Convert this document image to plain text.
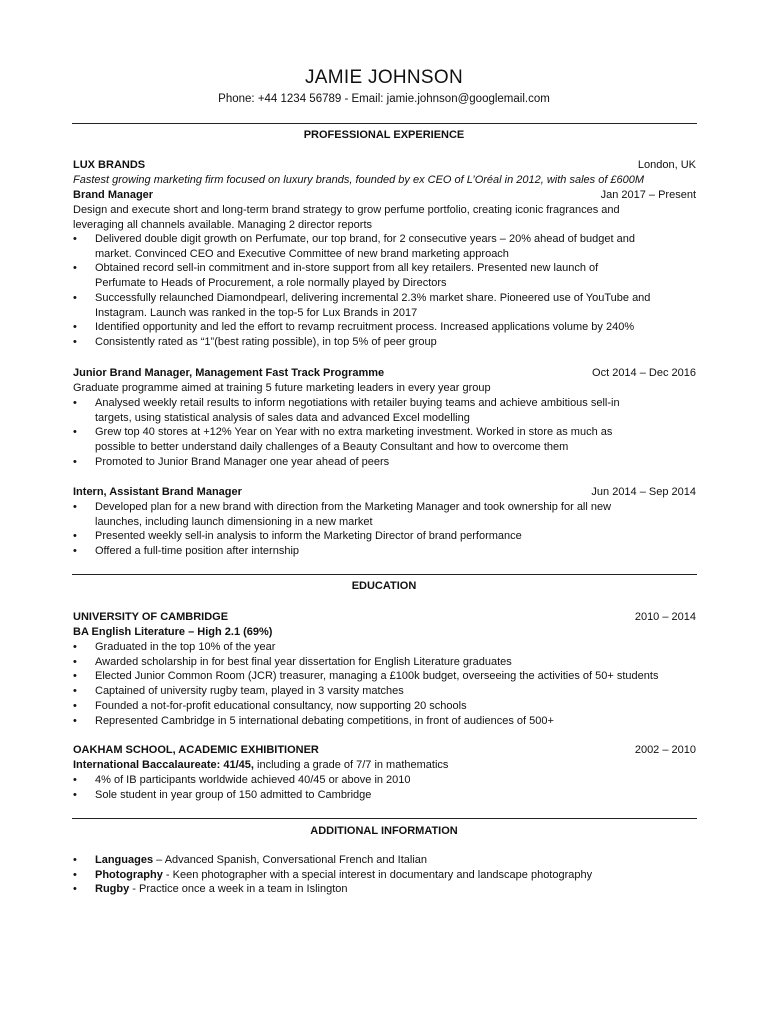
JAMIE JOHNSON
Phone: +44 1234 56789 - Email: jamie.johnson@googlemail.com
PROFESSIONAL EXPERIENCE
LUX BRANDS	London, UK
Fastest growing marketing firm focused on luxury brands, founded by ex CEO of L’Oréal in 2012, with sales of £600M
Brand Manager	Jan 2017 – Present
Design and execute short and long-term brand strategy to grow perfume portfolio, creating iconic fragrances and
leveraging all channels available. Managing 2 director reports
• Delivered double digit growth on Perfumate, our top brand, for 2 consecutive years – 20% ahead of budget and
market. Convinced CEO and Executive Committee of new brand marketing approach
• Obtained record sell-in commitment and in-store support from all key retailers. Presented new launch of
Perfumate to Heads of Procurement, a role normally played by Directors
• Successfully relaunched Diamondpearl, delivering incremental 2.3% market share. Pioneered use of YouTube and
Instagram. Launch was ranked in the top-5 for Lux Brands in 2017
• Identified opportunity and led the effort to revamp recruitment process. Increased applications volume by 240%
• Consistently rated as “1”(best rating possible), in top 5% of peer group
Junior Brand Manager, Management Fast Track Programme	Oct 2014 – Dec 2016
Graduate programme aimed at training 5 future marketing leaders in every year group
• Analysed weekly retail results to inform negotiations with retailer buying teams and achieve ambitious sell-in
targets, using statistical analysis of sales data and advanced Excel modelling
• Grew top 40 stores at +12% Year on Year with no extra marketing investment. Worked in store as much as
possible to better understand daily challenges of a Beauty Consultant and how to overcome them
• Promoted to Junior Brand Manager one year ahead of peers
Intern, Assistant Brand Manager	Jun 2014 – Sep 2014
• Developed plan for a new brand with direction from the Marketing Manager and took ownership for all new
launches, including launch dimensioning in a new market
• Presented weekly sell-in analysis to inform the Marketing Director of brand performance
• Offered a full-time position after internship
EDUCATION
UNIVERSITY OF CAMBRIDGE	2010 – 2014
BA English Literature – High 2.1 (69%)
• Graduated in the top 10% of the year
• Awarded scholarship in for best final year dissertation for English Literature graduates
• Elected Junior Common Room (JCR) treasurer, managing a £100k budget, overseeing the activities of 50+ students
• Captained of university rugby team, played in 3 varsity matches
• Founded a not-for-profit educational consultancy, now supporting 20 schools
• Represented Cambridge in 5 international debating competitions, in front of audiences of 500+
OAKHAM SCHOOL, ACADEMIC EXHIBITIONER	2002 – 2010
International Baccalaureate: 41/45, including a grade of 7/7 in mathematics
• 4% of IB participants worldwide achieved 40/45 or above in 2010
• Sole student in year group of 150 admitted to Cambridge
ADDITIONAL INFORMATION
• Languages – Advanced Spanish, Conversational French and Italian
• Photography - Keen photographer with a special interest in documentary and landscape photography
• Rugby - Practice once a week in a team in Islington
